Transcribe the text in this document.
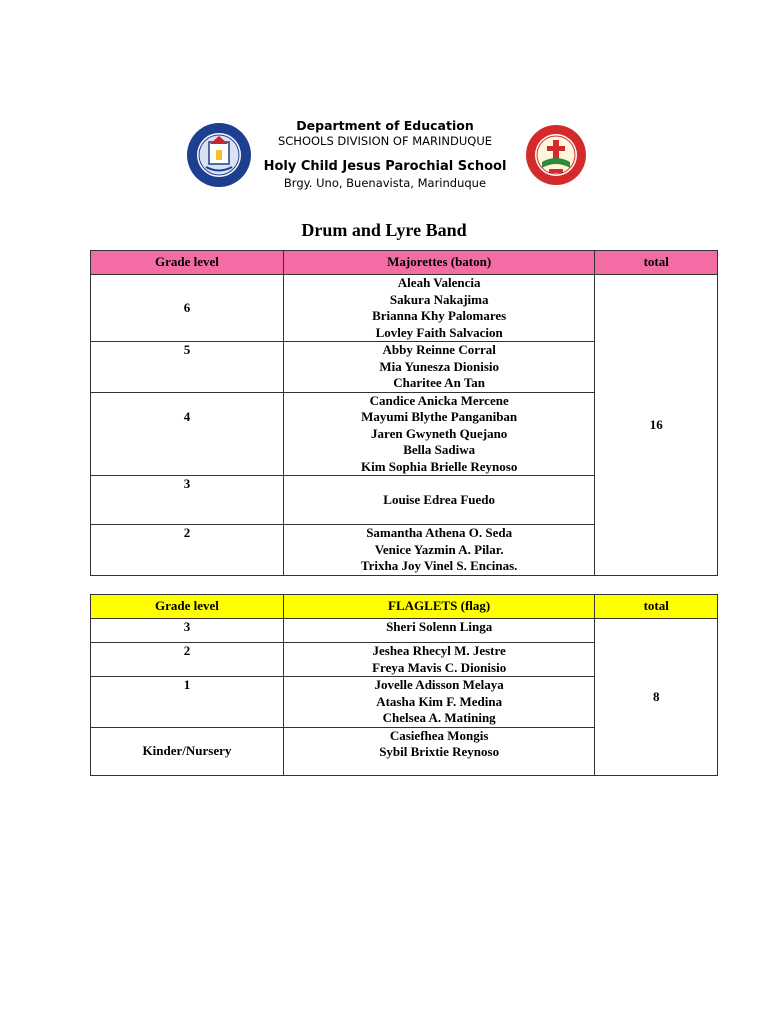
Department of Education
SCHOOLS DIVISION OF MARINDUQUE
Holy Child Jesus Parochial School
Brgy. Uno, Buenavista, Marinduque
Drum and Lyre Band
Grade level	Majorettes (baton)	total
6	Aleah Valencia
Sakura Nakajima
Brianna Khy Palomares
Lovley Faith Salvacion	16
5	Abby Reinne Corral
Mia Yunesza Dionisio
Charitee An Tan	

4	Candice Anicka Mercene
Mayumi Blythe Panganiban
Jaren Gwyneth Quejano
Bella Sadiwa
Kim Sophia Brielle Reynoso	

3	Louise Edrea Fuedo	

2	Samantha Athena O. Seda
Venice Yazmin A. Pilar.
Trixha Joy Vinel S. Encinas.	
Grade level	FLAGLETS (flag)	total
3	Sheri Solenn Linga	8
2	Jeshea Rhecyl M. Jestre
Freya Mavis C. Dionisio	

1	Jovelle Adisson Melaya
Atasha Kim F. Medina
Chelsea A. Matining	

Kinder/Nursery	Casiefhea Mongis
Sybil Brixtie Reynoso	
